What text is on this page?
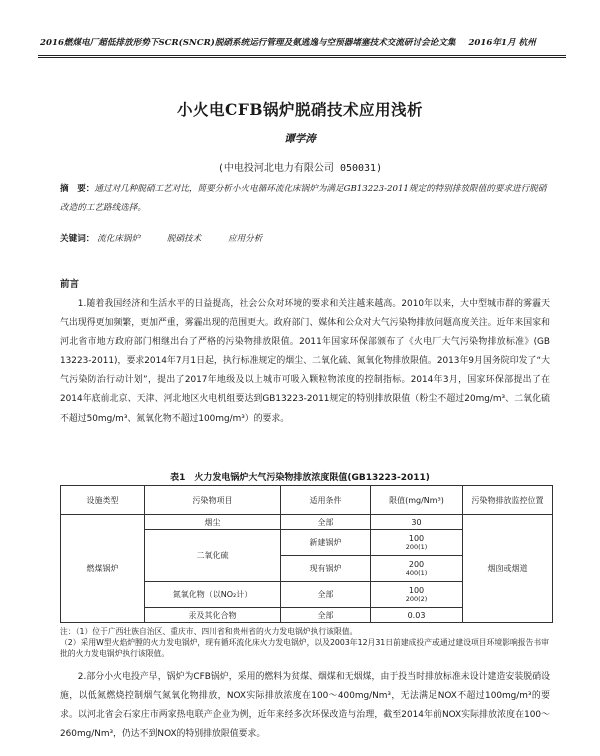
2016燃煤电厂超低排放形势下SCR(SNCR)脱硝系统运行管理及氨逃逸与空预器堵塞技术交流研讨会论文集 2016年1月 杭州
小火电CFB锅炉脱硝技术应用浅析
谭学涛
(中电投河北电力有限公司 050031)
摘　要：通过对几种脱硝工艺对比，简要分析小火电循环流化床锅炉为满足GB13223-2011规定的特别排放限值的要求进行脱硝改造的工艺路线选择。
关键词： 流化床锅炉	脱硝技术	应用分析
前言
1.随着我国经济和生活水平的日益提高，社会公众对环境的要求和关注越来越高。2010年以来，大中型城市群的雾霾天气出现得更加频繁，更加严重，雾霾出现的范围更大。政府部门、媒体和公众对大气污染物排放问题高度关注。近年来国家和河北省市地方政府部门相继出台了严格的污染物排放限值。2011年国家环保部颁布了《火电厂大气污染物排放标准》(GB 13223-2011)，要求2014年7月1日起，执行标准规定的烟尘、二氧化硫、氮氧化物排放限值。2013年9月国务院印发了“大气污染防治行动计划”，提出了2017年地级及以上城市可吸入颗粒物浓度的控制指标。2014年3月，国家环保部提出了在2014年底前北京、天津、河北地区火电机组要达到GB13223-2011规定的特别排放限值（粉尘不超过20mg/m³、二氧化硫不超过50mg/m³、氮氧化物不超过100mg/m³）的要求。
表1　火力发电锅炉大气污染物排放浓度限值(GB13223-2011)
设施类型	污染物项目	适用条件	限值(mg/Nm³)	污染物排放监控位置
燃煤锅炉	烟尘	全部	30	烟囱或烟道
	二氧化硫	新建锅炉	100
200(1)	

		现有锅炉	200
400(1)	

	氮氧化物（以NO₂计）	全部	100
200(2)	

	汞及其化合物	全部	0.03	
注：（1）位于广西壮族自治区、重庆市、四川省和贵州省的火力发电锅炉执行该限值。
（2）采用W型火焰炉膛的火力发电锅炉，现有循环流化床火力发电锅炉，以及2003年12月31日前建成投产或通过建设项目环境影响报告书审批的火力发电锅炉执行该限值。
2.部分小火电投产早，锅炉为CFB锅炉，采用的燃料为贫煤、烟煤和无烟煤，由于投当时排放标准未设计建造安装脱硝设施，以低氮燃烧控制烟气氮氧化物排放，NOX实际排放浓度在100～400mg/Nm³，无法满足NOX不超过100mg/m³的要求。以河北省会石家庄市两家热电联产企业为例，近年来经多次环保改造与治理，截至2014年前NOX实际排放浓度在100～260mg/Nm³，仍达不到NOX的特别排放限值要求。
